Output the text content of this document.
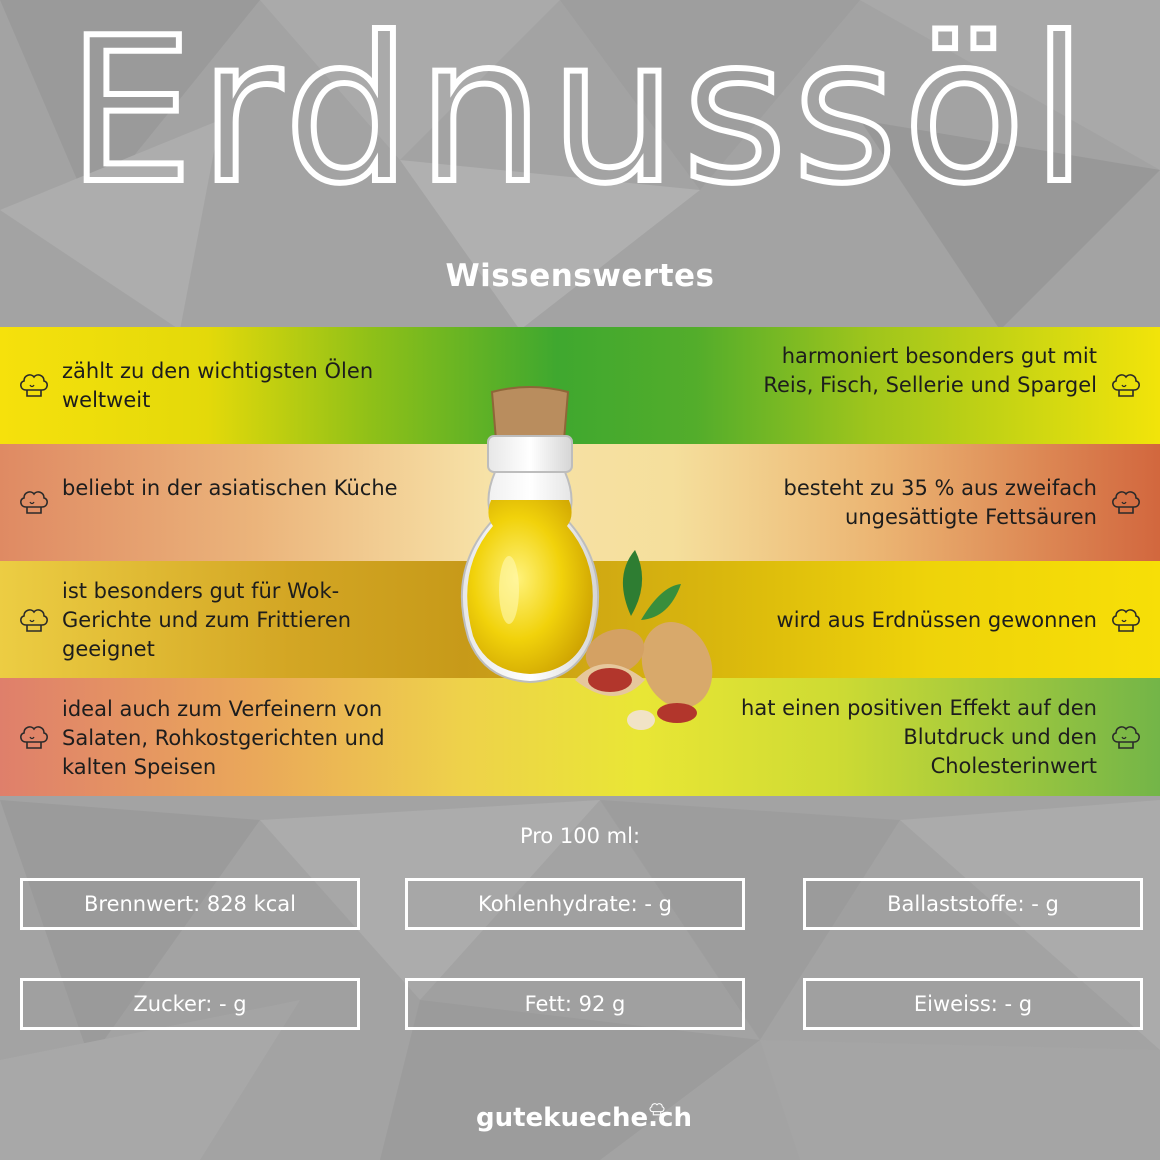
Erdnussöl
Wissenswertes
zählt zu den wichtigsten Ölen weltweit
beliebt in der asiatischen Küche
ist besonders gut für Wok-Gerichte und zum Frittieren geeignet
ideal auch zum Verfeinern von Salaten, Rohkostgerichten und kalten Speisen
harmoniert besonders gut mit Reis, Fisch, Sellerie und Spargel
besteht zu 35 % aus zweifach ungesättigte Fettsäuren
wird aus Erdnüssen gewonnen
hat einen positiven Effekt auf den Blutdruck und den Cholesterinwert
Pro 100 ml:
Brennwert: 828 kcal	Kohlenhydrate: - g	Ballaststoffe: - g
Zucker: - g	Fett: 92 g	Eiweiss: - g
gutekueche.ch
